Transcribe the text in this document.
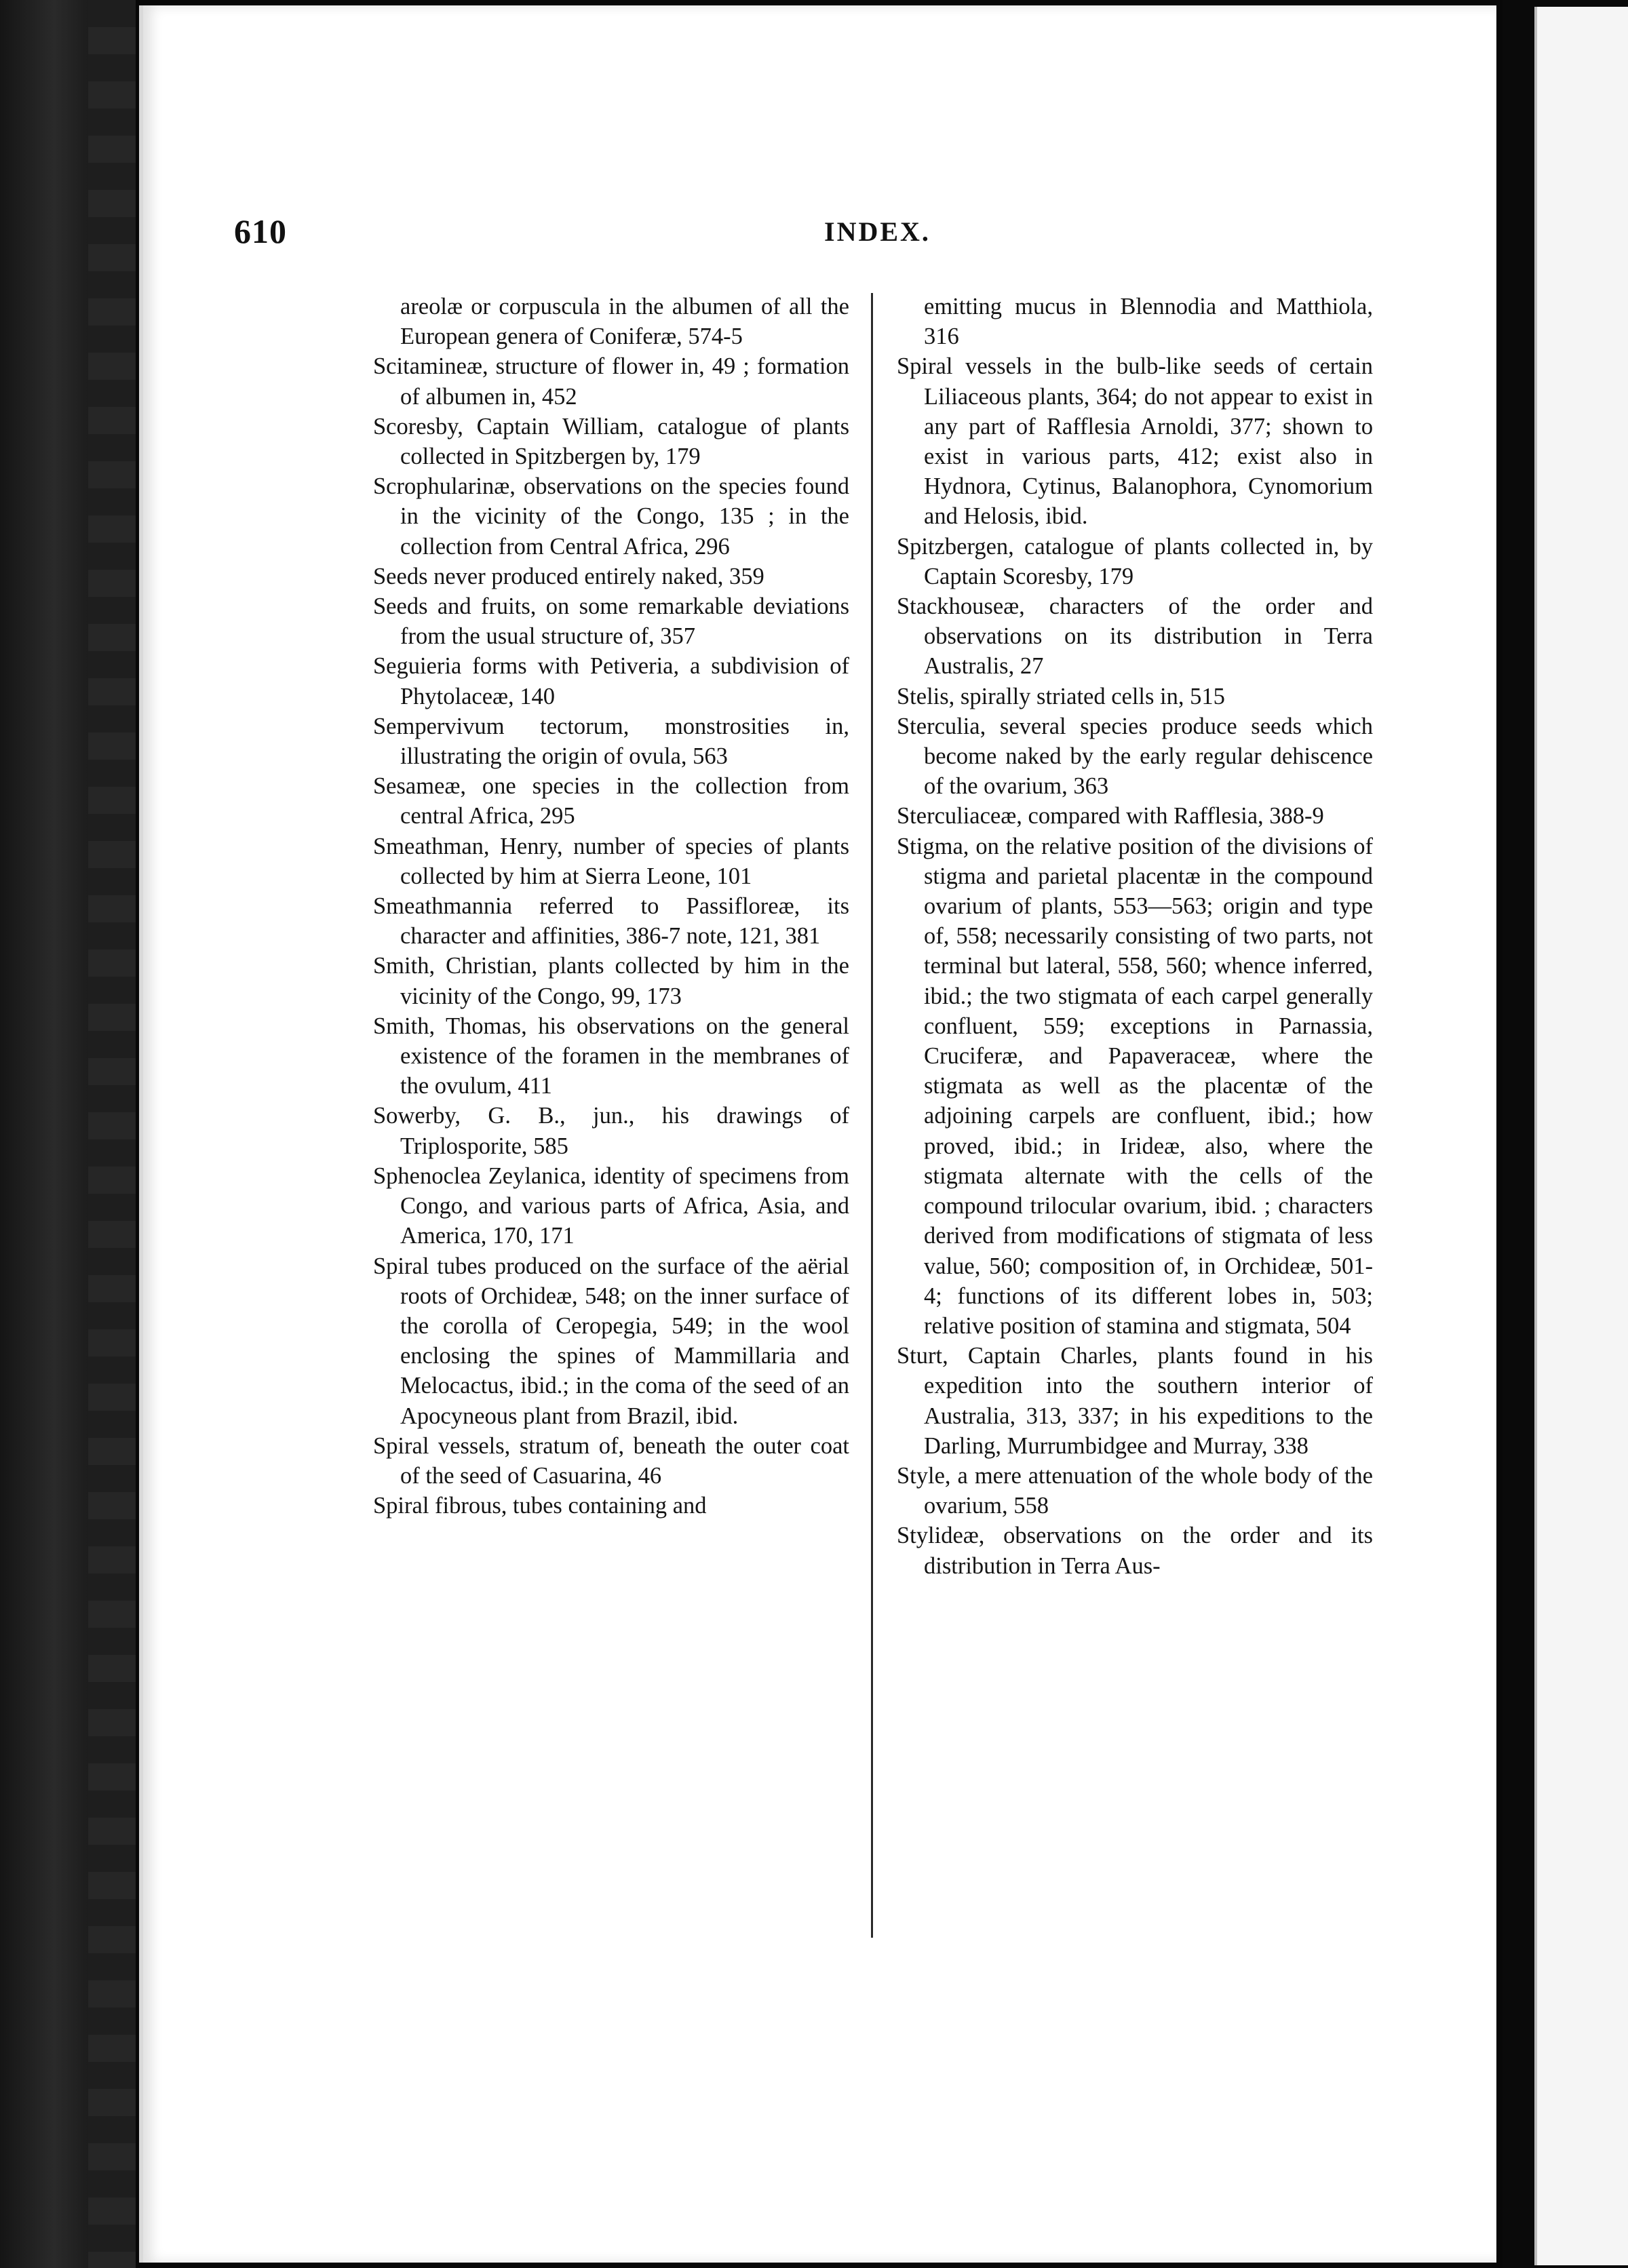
610	INDEX.

areolæ or corpuscula in the albumen of all the European genera of Coniferæ, 574-5

Scitamineæ, structure of flower in, 49 ; formation of albumen in, 452

Scoresby, Captain William, catalogue of plants collected in Spitzbergen by, 179

Scrophularinæ, observations on the species found in the vicinity of the Congo, 135 ; in the collection from Central Africa, 296

Seeds never produced entirely naked, 359

Seeds and fruits, on some remarkable deviations from the usual structure of, 357

Seguieria forms with Petiveria, a subdivision of Phytolaceæ, 140

Sempervivum tectorum, monstrosities in, illustrating the origin of ovula, 563

Sesameæ, one species in the collection from central Africa, 295

Smeathman, Henry, number of species of plants collected by him at Sierra Leone, 101

Smeathmannia referred to Passifloreæ, its character and affinities, 386-7 note, 121, 381

Smith, Christian, plants collected by him in the vicinity of the Congo, 99, 173

Smith, Thomas, his observations on the general existence of the foramen in the membranes of the ovulum, 411

Sowerby, G. B., jun., his drawings of Triplosporite, 585

Sphenoclea Zeylanica, identity of specimens from Congo, and various parts of Africa, Asia, and America, 170, 171

Spiral tubes produced on the surface of the aërial roots of Orchideæ, 548; on the inner surface of the corolla of Ceropegia, 549; in the wool enclosing the spines of Mammillaria and Melocactus, ibid.; in the coma of the seed of an Apocyneous plant from Brazil, ibid.

Spiral vessels, stratum of, beneath the outer coat of the seed of Casuarina, 46

Spiral fibrous, tubes containing and

emitting mucus in Blennodia and Matthiola, 316

Spiral vessels in the bulb-like seeds of certain Liliaceous plants, 364; do not appear to exist in any part of Rafflesia Arnoldi, 377; shown to exist in various parts, 412; exist also in Hydnora, Cytinus, Balanophora, Cynomorium and Helosis, ibid.

Spitzbergen, catalogue of plants collected in, by Captain Scoresby, 179

Stackhouseæ, characters of the order and observations on its distribution in Terra Australis, 27

Stelis, spirally striated cells in, 515

Sterculia, several species produce seeds which become naked by the early regular dehiscence of the ovarium, 363

Sterculiaceæ, compared with Rafflesia, 388-9

Stigma, on the relative position of the divisions of stigma and parietal placentæ in the compound ovarium of plants, 553—563; origin and type of, 558; necessarily consisting of two parts, not terminal but lateral, 558, 560; whence inferred, ibid.; the two stigmata of each carpel generally confluent, 559; exceptions in Parnassia, Cruciferæ, and Papaveraceæ, where the stigmata as well as the placentæ of the adjoining carpels are confluent, ibid.; how proved, ibid.; in Irideæ, also, where the stigmata alternate with the cells of the compound trilocular ovarium, ibid. ; characters derived from modifications of stigmata of less value, 560; composition of, in Orchideæ, 501-4; functions of its different lobes in, 503; relative position of stamina and stigmata, 504

Sturt, Captain Charles, plants found in his expedition into the southern interior of Australia, 313, 337; in his expeditions to the Darling, Murrumbidgee and Murray, 338

Style, a mere attenuation of the whole body of the ovarium, 558

Stylideæ, observations on the order and its distribution in Terra Aus-
